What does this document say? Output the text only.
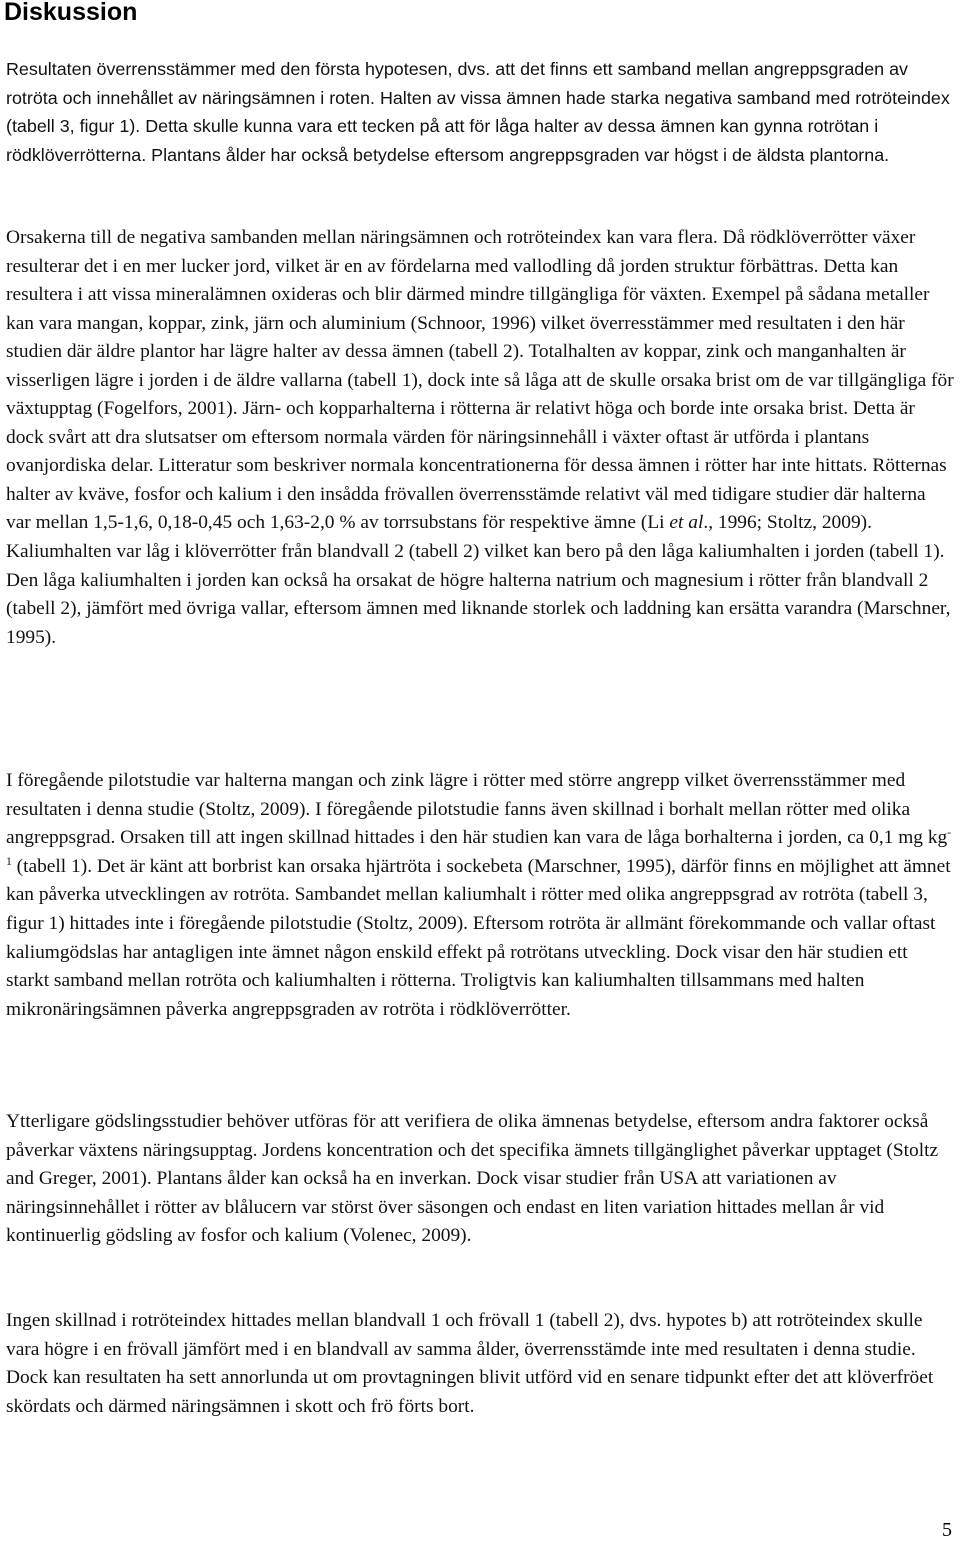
Diskussion

Resultaten överrensstämmer med den första hypotesen, dvs. att det finns ett samband mellan angreppsgraden av rotröta och innehållet av näringsämnen i roten. Halten av vissa ämnen hade starka negativa samband med rotröteindex (tabell 3, figur 1). Detta skulle kunna vara ett tecken på att för låga halter av dessa ämnen kan gynna rotrötan i rödklöverrötterna. Plantans ålder har också betydelse eftersom angreppsgraden var högst i de äldsta plantorna.

Orsakerna till de negativa sambanden mellan näringsämnen och rotröteindex kan vara flera. Då rödklöverrötter växer resulterar det i en mer lucker jord, vilket är en av fördelarna med vallodling då jorden struktur förbättras. Detta kan resultera i att vissa mineralämnen oxideras och blir därmed mindre tillgängliga för växten. Exempel på sådana metaller kan vara mangan, koppar, zink, järn och aluminium (Schnoor, 1996) vilket överresstämmer med resultaten i den här studien där äldre plantor har lägre halter av dessa ämnen (tabell 2). Totalhalten av koppar, zink och manganhalten är visserligen lägre i jorden i de äldre vallarna (tabell 1), dock inte så låga att de skulle orsaka brist om de var tillgängliga för växtupptag (Fogelfors, 2001). Järn- och kopparhalterna i rötterna är relativt höga och borde inte orsaka brist. Detta är dock svårt att dra slutsatser om eftersom normala värden för näringsinnehåll i växter oftast är utförda i plantans ovanjordiska delar. Litteratur som beskriver normala koncentrationerna för dessa ämnen i rötter har inte hittats. Rötternas halter av kväve, fosfor och kalium i den insådda frövallen överrensstämde relativt väl med tidigare studier där halterna var mellan 1,5-1,6, 0,18-0,45 och 1,63-2,0 % av torrsubstans för respektive ämne (Li et al., 1996; Stoltz, 2009). Kaliumhalten var låg i klöverrötter från blandvall 2 (tabell 2) vilket kan bero på den låga kaliumhalten i jorden (tabell 1). Den låga kaliumhalten i jorden kan också ha orsakat de högre halterna natrium och magnesium i rötter från blandvall 2 (tabell 2), jämfört med övriga vallar, eftersom ämnen med liknande storlek och laddning kan ersätta varandra (Marschner, 1995).

I föregående pilotstudie var halterna mangan och zink lägre i rötter med större angrepp vilket överrensstämmer med resultaten i denna studie (Stoltz, 2009). I föregående pilotstudie fanns även skillnad i borhalt mellan rötter med olika angreppsgrad. Orsaken till att ingen skillnad hittades i den här studien kan vara de låga borhalterna i jorden, ca 0,1 mg $kg^{-1}$ (tabell 1). Det är känt att borbrist kan orsaka hjärtröta i sockebeta (Marschner, 1995), därför finns en möjlighet att ämnet kan påverka utvecklingen av rotröta. Sambandet mellan kaliumhalt i rötter med olika angreppsgrad av rotröta (tabell 3, figur 1) hittades inte i föregående pilotstudie (Stoltz, 2009). Eftersom rotröta är allmänt förekommande och vallar oftast kaliumgödslas har antagligen inte ämnet någon enskild effekt på rotrötans utveckling. Dock visar den här studien ett starkt samband mellan rotröta och kaliumhalten i rötterna. Troligtvis kan kaliumhalten tillsammans med halten mikronäringsämnen påverka angreppsgraden av rotröta i rödklöverrötter.

Ytterligare gödslingsstudier behöver utföras för att verifiera de olika ämnenas betydelse, eftersom andra faktorer också påverkar växtens näringsupptag. Jordens koncentration och det specifika ämnets tillgänglighet påverkar upptaget (Stoltz and Greger, 2001). Plantans ålder kan också ha en inverkan. Dock visar studier från USA att variationen av näringsinnehållet i rötter av blålucern var störst över säsongen och endast en liten variation hittades mellan år vid kontinuerlig gödsling av fosfor och kalium (Volenec, 2009).

Ingen skillnad i rotröteindex hittades mellan blandvall 1 och frövall 1 (tabell 2), dvs. hypotes b) att rotröteindex skulle vara högre i en frövall jämfört med i en blandvall av samma ålder, överrensstämde inte med resultaten i denna studie. Dock kan resultaten ha sett annorlunda ut om provtagningen blivit utförd vid en senare tidpunkt efter det att klöverfröet skördats och därmed näringsämnen i skott och frö förts bort.

5
